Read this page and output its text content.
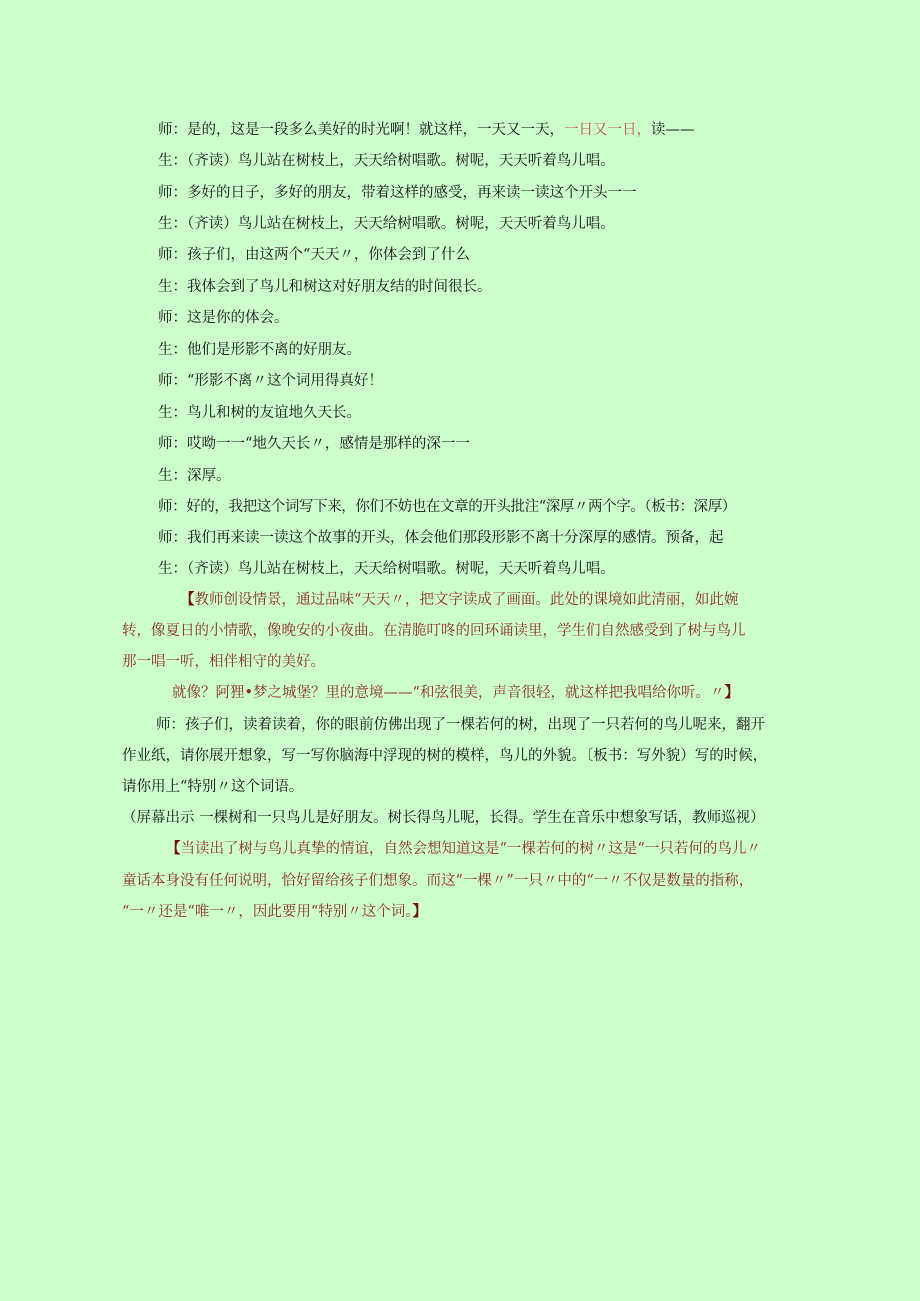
师：是的，这是一段多么美好的时光啊！就这样，一天又一天，一日又一日，读——
生：（齐读）鸟儿站在树枝上，天天给树唱歌。树呢，天天听着鸟儿唱。
师：多好的日子，多好的朋友，带着这样的感受，再来读一读这个开头一一
生：（齐读）鸟儿站在树枝上，天天给树唱歌。树呢，天天听着鸟儿唱。
师：孩子们，由这两个“天天〃，你体会到了什么
生：我体会到了鸟儿和树这对好朋友结的时间很长。
师：这是你的体会。
生：他们是形影不离的好朋友。
师：“形影不离〃这个词用得真好！
生：鸟儿和树的友谊地久天长。
师：哎呦一一“地久天长〃，感情是那样的深一一
生：深厚。
师：好的，我把这个词写下来，你们不妨也在文章的开头批注“深厚〃两个字。（板书：深厚）
师：我们再来读一读这个故事的开头，体会他们那段形影不离十分深厚的感情。预备，起
生：（齐读）鸟儿站在树枝上，天天给树唱歌。树呢，天天听着鸟儿唱。
【教师创设情景，通过品味“天天〃，把文字读成了画面。此处的课境如此清丽，如此婉
转，像夏日的小情歌，像晚安的小夜曲。在清脆叮咚的回环诵读里，学生们自然感受到了树与鸟儿
那一唱一听，相伴相守的美好。
就像？阿狸•梦之城堡？里的意境——“和弦很美，声音很轻，就这样把我唱给你听。〃】
师：孩子们，读着读着，你的眼前仿佛出现了一棵若何的树，出现了一只若何的鸟儿呢来，翻开
作业纸，请你展开想象，写一写你脑海中浮现的树的模样，鸟儿的外貌。〔板书：写外貌）写的时候，
请你用上“特别〃这个词语。
（屏幕出示 一棵树和一只鸟儿是好朋友。树长得鸟儿呢，长得。学生在音乐中想象写话，教师巡视）
【当读出了树与鸟儿真挚的情谊，自然会想知道这是“一棵若何的树〃这是“一只若何的鸟儿〃
童话本身没有任何说明，恰好留给孩子们想象。而这“一棵〃”一只〃中的“一〃不仅是数量的指称，
“一〃还是“唯一〃，因此要用“特别〃这个词。】
